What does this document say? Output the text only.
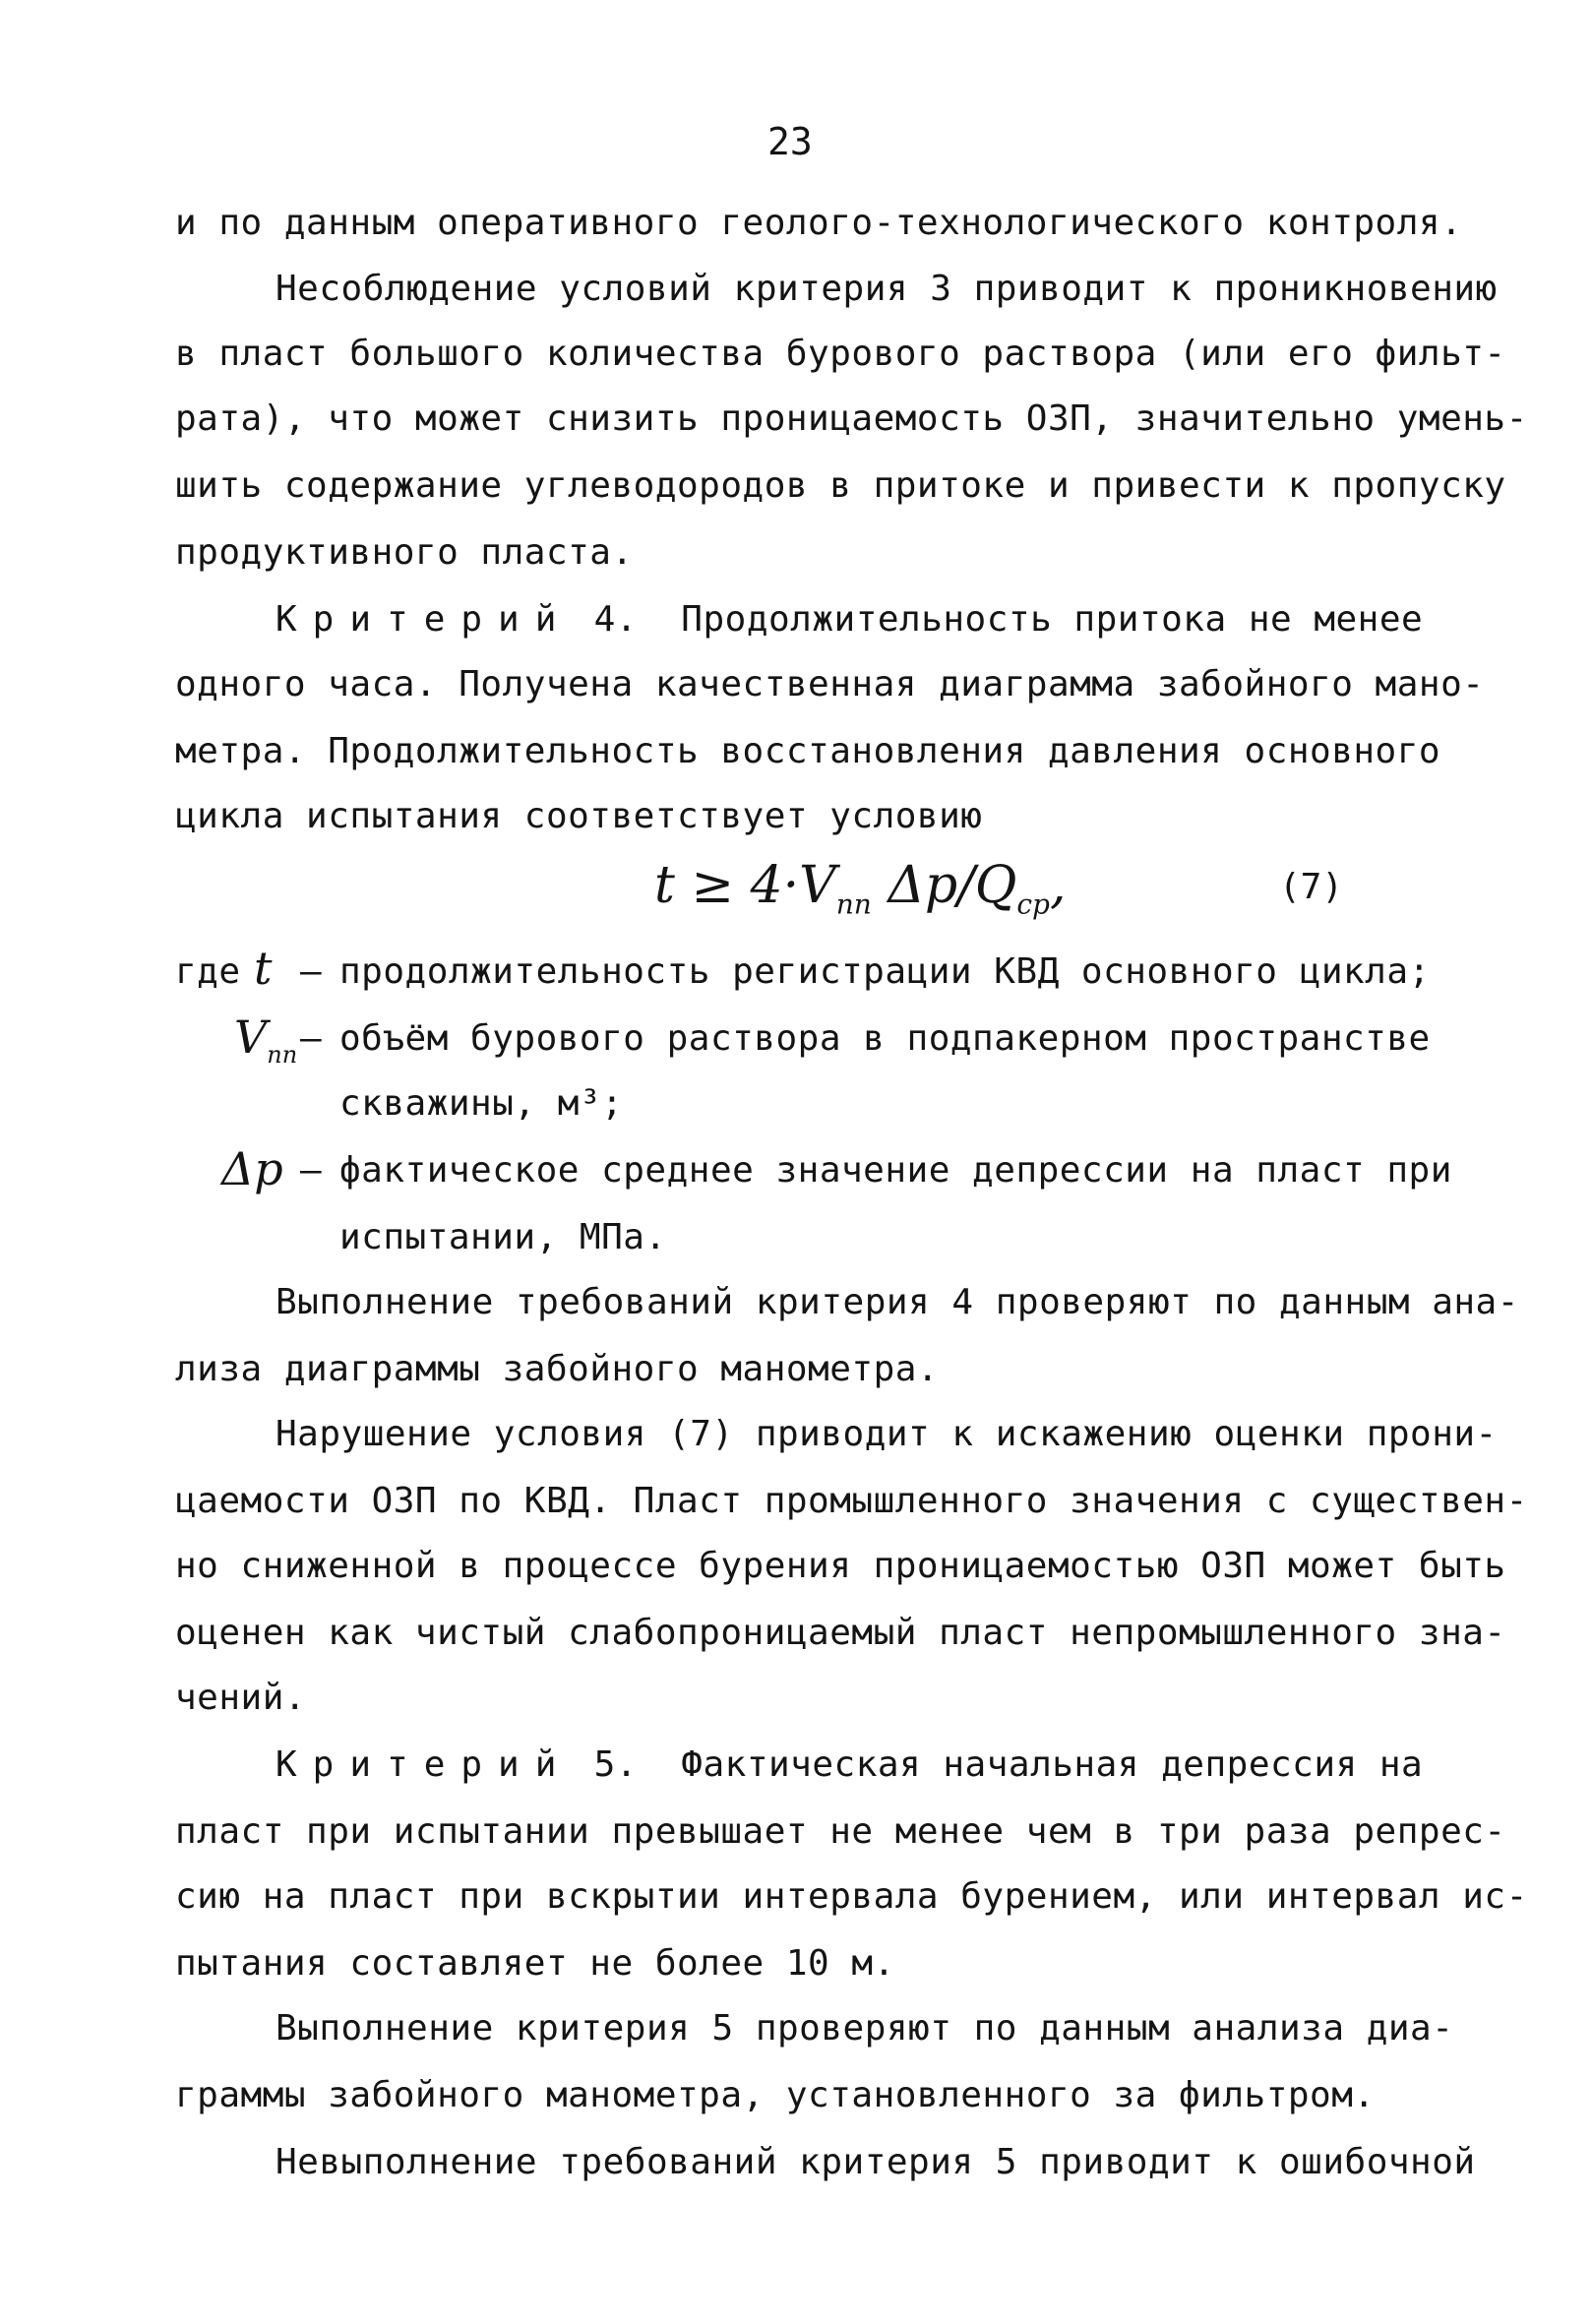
23
и по данным оперативного геолого-технологического контроля.
Несоблюдение условий критерия 3 приводит к проникновению
в пласт большого количества бурового раствора (или его фильт-
рата), что может снизить проницаемость ОЗП, значительно умень-
шить содержание углеводородов в притоке и привести к пропуску
продуктивного пласта.
Критерий 4. Продолжительность притока не менее
одного часа. Получена качественная диаграмма забойного мано-
метра. Продолжительность восстановления давления основного
цикла испытания соответствует условию
$t \ge 4\cdot V_{пп}$ $\Delta p/Q_{ср}$,	(7)
где t – продолжительность регистрации КВД основного цикла;
$V_{пп}$ – объём бурового раствора в подпакерном пространстве
скважины, м³;
Δp – фактическое среднее значение депрессии на пласт при
испытании, МПа.
Выполнение требований критерия 4 проверяют по данным ана-
лиза диаграммы забойного манометра.
Нарушение условия (7) приводит к искажению оценки прони-
цаемости ОЗП по КВД. Пласт промышленного значения с существен-
но сниженной в процессе бурения проницаемостью ОЗП может быть
оценен как чистый слабопроницаемый пласт непромышленного зна-
чений.
Критерий 5. Фактическая начальная депрессия на
пласт при испытании превышает не менее чем в три раза репрес-
сию на пласт при вскрытии интервала бурением, или интервал ис-
пытания составляет не более 10 м.
Выполнение критерия 5 проверяют по данным анализа диа-
граммы забойного манометра, установленного за фильтром.
Невыполнение требований критерия 5 приводит к ошибочной
